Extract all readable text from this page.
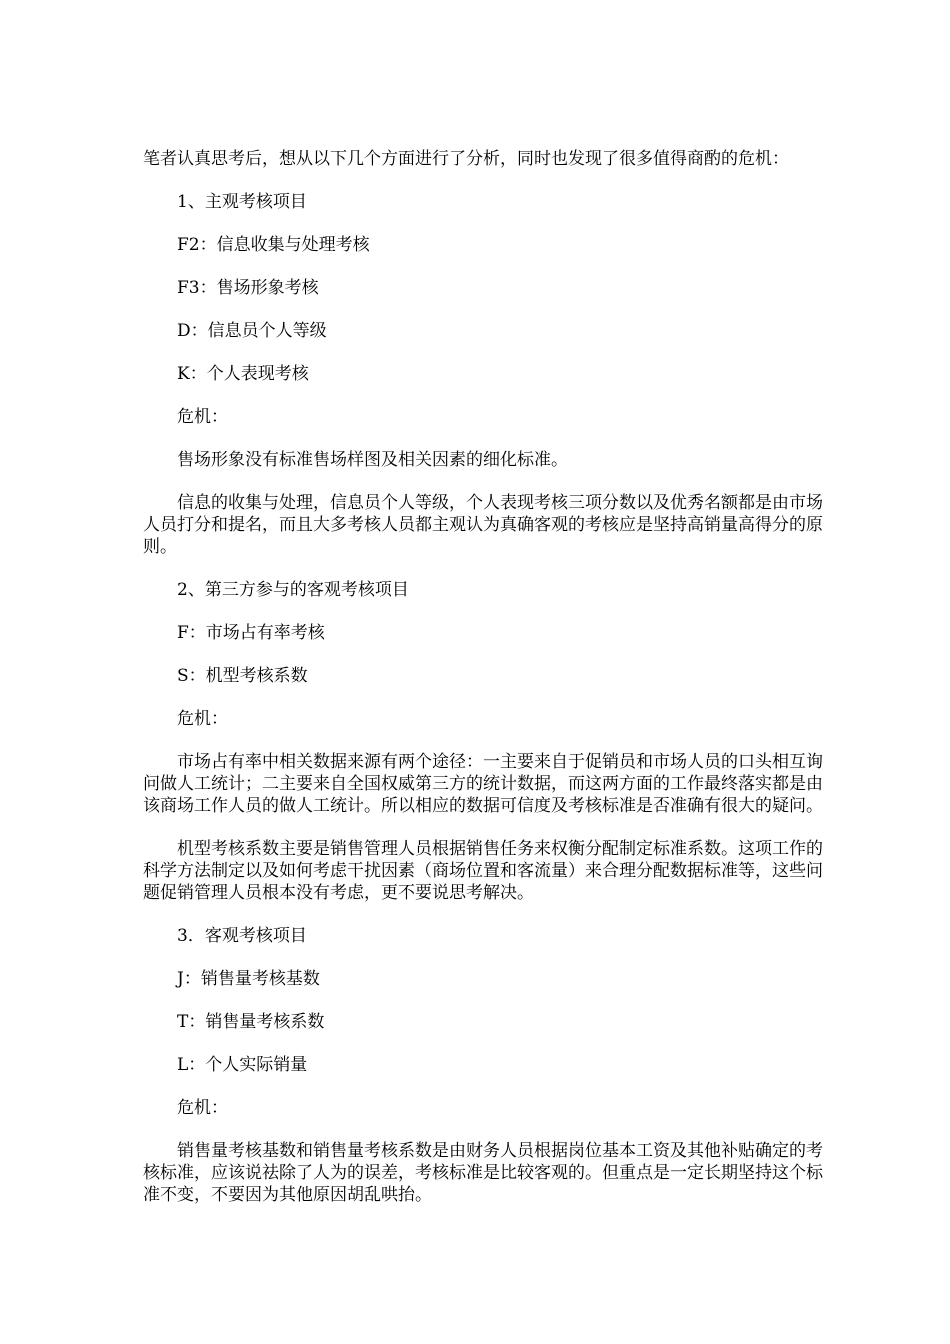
笔者认真思考后，想从以下几个方面进行了分析，同时也发现了很多值得商酌的危机：

1、主观考核项目

F2：信息收集与处理考核

F3：售场形象考核

D：信息员个人等级

K：个人表现考核

危机：

售场形象没有标准售场样图及相关因素的细化标准。

信息的收集与处理，信息员个人等级，个人表现考核三项分数以及优秀名额都是由市场人员打分和提名，而且大多考核人员都主观认为真确客观的考核应是坚持高销量高得分的原则。

2、第三方参与的客观考核项目

F：市场占有率考核

S：机型考核系数

危机：

市场占有率中相关数据来源有两个途径：一主要来自于促销员和市场人员的口头相互询问做人工统计；二主要来自全国权威第三方的统计数据，而这两方面的工作最终落实都是由该商场工作人员的做人工统计。所以相应的数据可信度及考核标准是否准确有很大的疑问。

机型考核系数主要是销售管理人员根据销售任务来权衡分配制定标准系数。这项工作的科学方法制定以及如何考虑干扰因素（商场位置和客流量）来合理分配数据标准等，这些问题促销管理人员根本没有考虑，更不要说思考解决。

3．客观考核项目

J：销售量考核基数

T：销售量考核系数

L：个人实际销量

危机：

销售量考核基数和销售量考核系数是由财务人员根据岗位基本工资及其他补贴确定的考核标准，应该说祛除了人为的误差，考核标准是比较客观的。但重点是一定长期坚持这个标准不变，不要因为其他原因胡乱哄抬。
